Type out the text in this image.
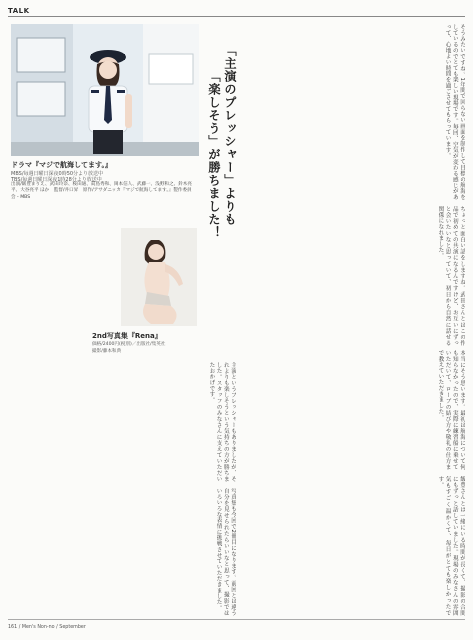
TALK
ドラマ『マジで航海してます。』
MBS/毎週日曜日深夜0時50分より放送中
TBS/毎週日曜日深夜1時28分より放送中
出演/飯豊まりえ、武田玲奈、桜田通、眞島秀和、岡本信人、武藤一、浅野和之、鈴木亮平、大谷亮平 ほか　監督/井口昇　原作/アサダニッカ『マジで航海してます。』製作委員会・MBS
2nd写真集『Rena』
価格/2400円(税別)／出版社/集英社
撮影/藤本和典
「主演のプレッシャー」よりも
「楽しそう」が勝ちました！	そうみたいですね。1年間で回らない画面を制作して目標の航海をしているのでとても楽しい現場です。毎回、空気が変わる感じがあって、心地よい時間を過ごさせてもらっています。
ちょっと面白い話をしますね。武田さんとはこの作品で初めての共演になるんですけど、お互いにずっと会いたいなと思っていて、初日から自然に話せる関係になれました。
本当にそう思います。最初は航海について何も知らなかったので、実際に練習船に乗せていただいて、ロープの結び方や敬礼の仕方まで教えていただきました。
飯豊さんとは一緒にいる時間が長くて、撮影の合間にもずっと話していました。現場のみなさんの雰囲気もすごく温かくて、毎日がとても楽しかったです。
主演というプレッシャーもありましたが、それよりも楽しそうという気持ちの方が勝ちました。スタッフのみなさんに支えていただいたおかげです。
写真集も今回で2冊目になります。前回とは違う自分を見せられたらいいなと思って、撮影ではいろいろな表情に挑戦させていただきました。
161 / Men's Non-no / September
